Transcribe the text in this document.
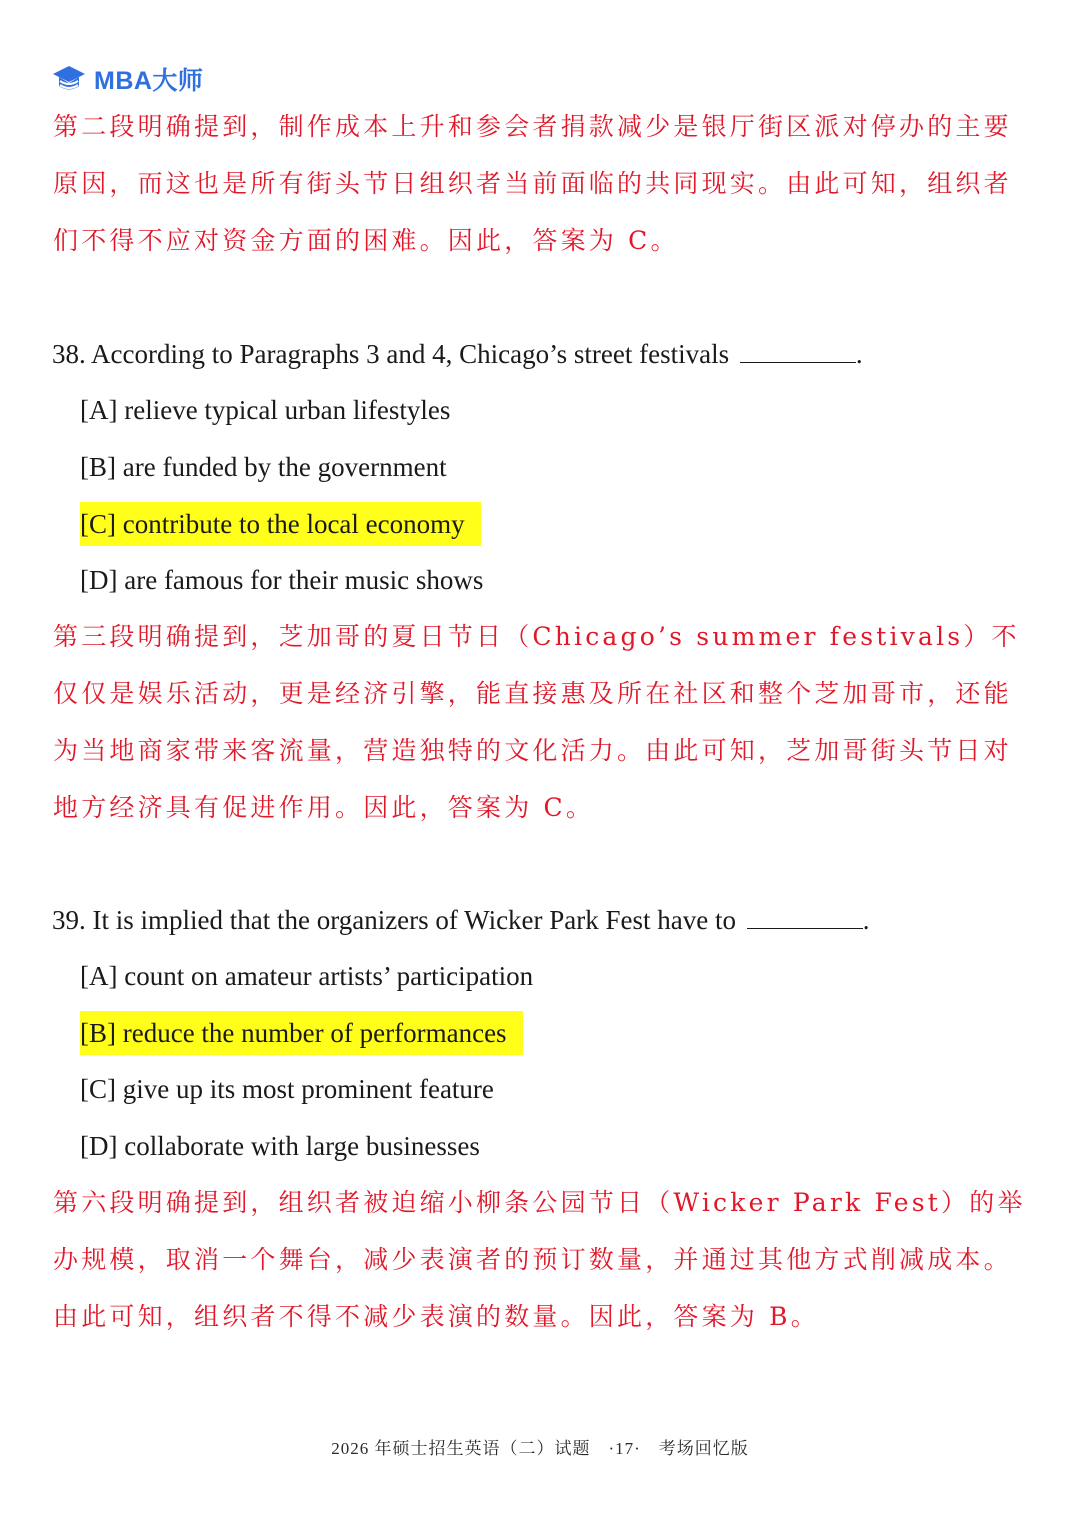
MBA大师

第二段明确提到，制作成本上升和参会者捐款减少是银厅街区派对停办的主要原因，而这也是所有街头节日组织者当前面临的共同现实。由此可知，组织者们不得不应对资金方面的困难。因此，答案为 C。

38. According to Paragraphs 3 and 4, Chicago’s street festivals	.

[A] relieve typical urban lifestyles

[B] are funded by the government

[C] contribute to the local economy

[D] are famous for their music shows

第三段明确提到，芝加哥的夏日节日（Chicago’s summer festivals）不仅仅是娱乐活动，更是经济引擎，能直接惠及所在社区和整个芝加哥市，还能为当地商家带来客流量，营造独特的文化活力。由此可知，芝加哥街头节日对地方经济具有促进作用。因此，答案为 C。

39. It is implied that the organizers of Wicker Park Fest have to	.

[A] count on amateur artists’ participation

[B] reduce the number of performances

[C] give up its most prominent feature

[D] collaborate with large businesses

第六段明确提到，组织者被迫缩小柳条公园节日（Wicker Park Fest）的举办规模，取消一个舞台，减少表演者的预订数量，并通过其他方式削减成本。由此可知，组织者不得不减少表演的数量。因此，答案为 B。

2026 年硕士招生英语（二）试题　·17·　考场回忆版
